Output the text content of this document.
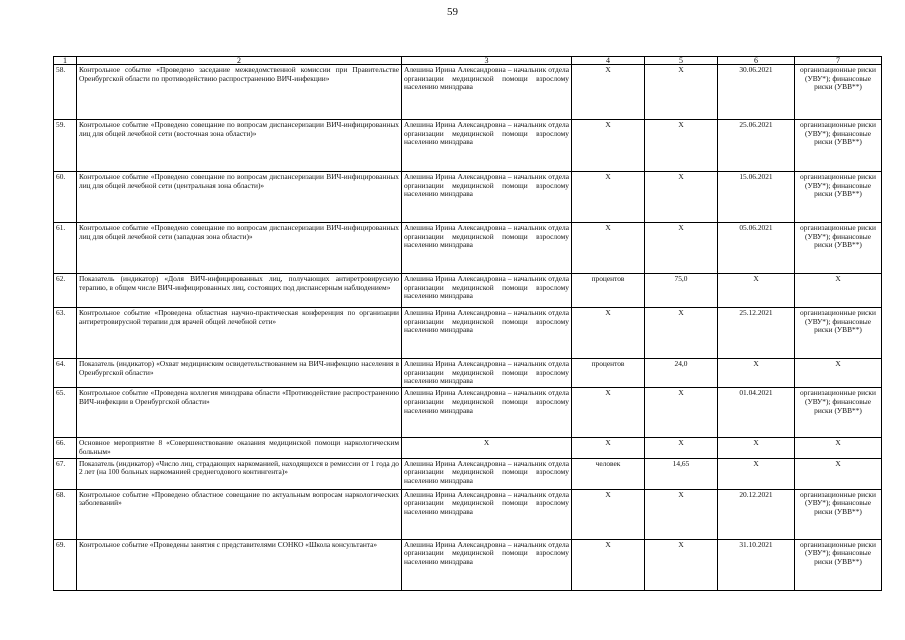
59
1	2	3	4	5	6	7
58.	Контрольное событие «Проведено заседание межведомственной комиссии при Правительстве Оренбургской области по противодействию распространению ВИЧ-инфекции»	Алешина Ирина Александровна – начальник отдела организации медицинской помощи взрослому населению минздрава	X	X	30.06.2021	организационные риски (УВУ*); финансовые риски (УВВ**)
59.	Контрольное событие «Проведено совещание по вопросам диспансеризации ВИЧ-инфицированных лиц для общей лечебной сети (восточная зона области)»	Алешина Ирина Александровна – начальник отдела организации медицинской помощи взрослому населению минздрава	X	X	25.06.2021	организационные риски (УВУ*); финансовые риски (УВВ**)
60.	Контрольное событие «Проведено совещание по вопросам диспансеризации ВИЧ-инфицированных лиц для общей лечебной сети (центральная зона области)»	Алешина Ирина Александровна – начальник отдела организации медицинской помощи взрослому населению минздрава	X	X	15.06.2021	организационные риски (УВУ*); финансовые риски (УВВ**)
61.	Контрольное событие «Проведено совещание по вопросам диспансеризации ВИЧ-инфицированных лиц для общей лечебной сети (западная зона области)»	Алешина Ирина Александровна – начальник отдела организации медицинской помощи взрослому населению минздрава	X	X	05.06.2021	организационные риски (УВУ*); финансовые риски (УВВ**)
62.	Показатель (индикатор) «Доля ВИЧ-инфицированных лиц, получающих антиретровирусную терапию, в общем числе ВИЧ-инфицированных лиц, состоящих под диспансерным наблюдением»	Алешина Ирина Александровна – начальник отдела организации медицинской помощи взрослому населению минздрава	процентов	75,0	X	X
63.	Контрольное событие «Проведена областная научно-практическая конференция по организации антиретровирусной терапии для врачей общей лечебной сети»	Алешина Ирина Александровна – начальник отдела организации медицинской помощи взрослому населению минздрава	X	X	25.12.2021	организационные риски (УВУ*); финансовые риски (УВВ**)
64.	Показатель (индикатор) «Охват медицинским освидетельствованием на ВИЧ-инфекцию населения в Оренбургской области»	Алешина Ирина Александровна – начальник отдела организации медицинской помощи взрослому населению минздрава	процентов	24,0	X	X
65.	Контрольное событие «Проведена коллегия минздрава области «Противодействие распространению ВИЧ-инфекции в Оренбургской области»	Алешина Ирина Александровна – начальник отдела организации медицинской помощи взрослому населению минздрава	X	X	01.04.2021	организационные риски (УВУ*); финансовые риски (УВВ**)
66.	Основное мероприятие 8 «Совершенствование оказания медицинской помощи наркологическим больным»	X	X	X	X	X
67.	Показатель (индикатор) «Число лиц, страдающих наркоманией, находящихся в ремиссии от 1 года до 2 лет (на 100 больных наркоманией среднегодового контингента)»	Алешина Ирина Александровна – начальник отдела организации медицинской помощи взрослому населению минздрава	человек	14,65	X	X
68.	Контрольное событие «Проведено областное совещание по актуальным вопросам наркологических заболеваний»	Алешина Ирина Александровна – начальник отдела организации медицинской помощи взрослому населению минздрава	X	X	20.12.2021	организационные риски (УВУ*); финансовые риски (УВВ**)
69.	Контрольное событие «Проведены занятия с представителями СОНКО «Школа консультанта»	Алешина Ирина Александровна – начальник отдела организации медицинской помощи взрослому населению минздрава	X	X	31.10.2021	организационные риски (УВУ*); финансовые риски (УВВ**)
